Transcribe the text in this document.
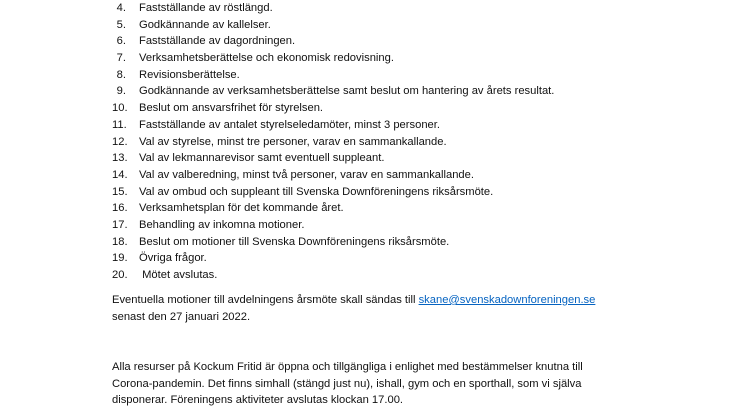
4.	Fastställande av röstlängd.
5.	Godkännande av kallelser.
6.	Fastställande av dagordningen.
7.	Verksamhetsberättelse och ekonomisk redovisning.
8.	Revisionsberättelse.
9.	Godkännande av verksamhetsberättelse samt beslut om hantering av årets resultat.
10.	Beslut om ansvarsfrihet för styrelsen.
11.	Fastställande av antalet styrelseledamöter, minst 3 personer.
12.	Val av styrelse, minst tre personer, varav en sammankallande.
13.	Val av lekmannarevisor samt eventuell suppleant.
14.	Val av valberedning, minst två personer, varav en sammankallande.
15.	Val av ombud och suppleant till Svenska Downföreningens riksårsmöte.
16.	Verksamhetsplan för det kommande året.
17.	Behandling av inkomna motioner.
18.	Beslut om motioner till Svenska Downföreningens riksårsmöte.
19.	Övriga frågor.
20.	Mötet avslutas.

Eventuella motioner till avdelningens årsmöte skall sändas till skane@svenskadownforeningen.se
senast den 27 januari 2022.

Alla resurser på Kockum Fritid är öppna och tillgängliga i enlighet med bestämmelser knutna till
Corona-pandemin. Det finns simhall (stängd just nu), ishall, gym och en sporthall, som vi själva
disponerar. Föreningens aktiviteter avslutas klockan 17.00.
